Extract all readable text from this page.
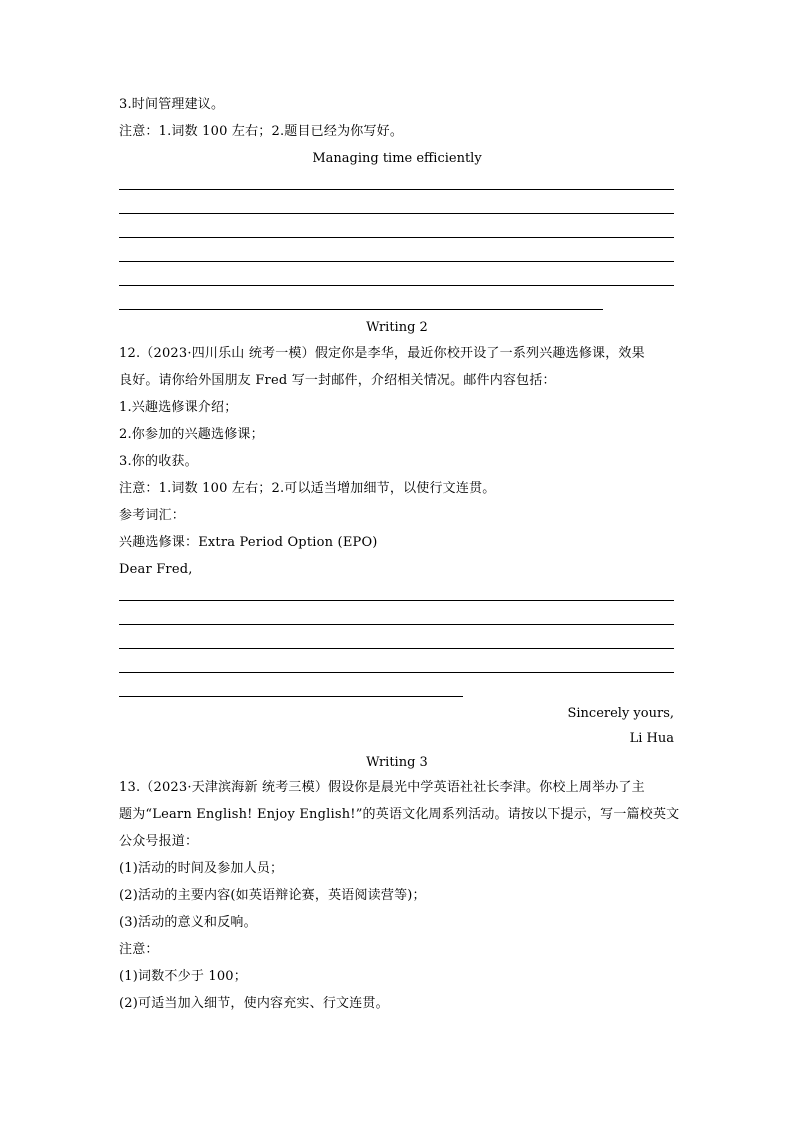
3.时间管理建议。
注意：1.词数 100 左右；2.题目已经为你写好。
Managing time efficiently
Writing 2
12.（2023·四川乐山 统考一模）假定你是李华，最近你校开设了一系列兴趣选修课，效果
良好。请你给外国朋友 Fred 写一封邮件，介绍相关情况。邮件内容包括：
1.兴趣选修课介绍；
2.你参加的兴趣选修课；
3.你的收获。
注意：1.词数 100 左右；2.可以适当增加细节，以使行文连贯。
参考词汇：
兴趣选修课：Extra Period Option (EPO)
Dear Fred,
Sincerely yours,
Li Hua
Writing 3
13.（2023·天津滨海新 统考三模）假设你是晨光中学英语社社长李津。你校上周举办了主
题为“Learn English! Enjoy English!”的英语文化周系列活动。请按以下提示，写一篇校英文
公众号报道：
(1)活动的时间及参加人员；
(2)活动的主要内容(如英语辩论赛，英语阅读营等)；
(3)活动的意义和反响。
注意：
(1)词数不少于 100；
(2)可适当加入细节，使内容充实、行文连贯。
